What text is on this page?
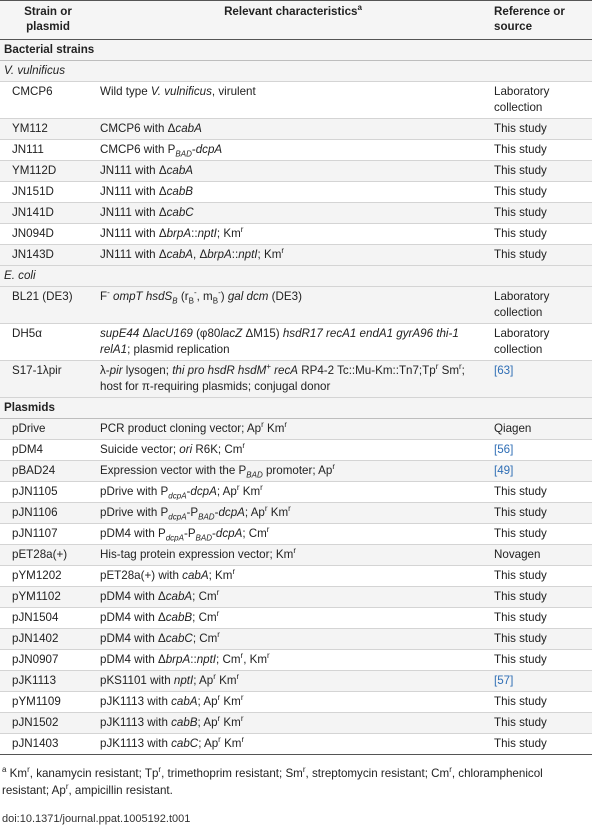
Strain or plasmid	Relevant characteristics$^a$	Reference or source
Bacterial strains		
V. vulnificus		
CMCP6	Wild type V. vulnificus, virulent	Laboratory collection
YM112	CMCP6 with ΔcabA	This study
JN111	CMCP6 with $P_{BAD}$-dcpA	This study
YM112D	JN111 with ΔcabA	This study
JN151D	JN111 with ΔcabB	This study
JN141D	JN111 with ΔcabC	This study
JN094D	JN111 with ΔbrpA::nptI; Km$^r$	This study
JN143D	JN111 with ΔcabA, ΔbrpA::nptI; Km$^r$	This study
E. coli		
BL21 (DE3)	F- ompT hsdS$_B$ ($r_B^-$, $m_B^-$) gal dcm (DE3)	Laboratory collection
DH5α	supE44 ΔlacU169 (φ80lacZ ΔM15) hsdR17 recA1 endA1 gyrA96 thi-1 relA1; plasmid replication	Laboratory collection
S17-1λpir	λ-pir lysogen; thi pro hsdR hsdM+ recA RP4-2 Tc::Mu-Km::Tn7;Tp$^r$ Sm$^r$; host for π-requiring plasmids; conjugal donor	[63]
Plasmids		
pDrive	PCR product cloning vector; Ap$^r$ Km$^r$	Qiagen
pDM4	Suicide vector; ori R6K; Cm$^r$	[56]
pBAD24	Expression vector with the $P_{BAD}$ promoter; Ap$^r$	[49]
pJN1105	pDrive with $P_{dcpA}$-dcpA; Ap$^r$ Km$^r$	This study
pJN1106	pDrive with $P_{dcpA}-P_{BAD}$-dcpA; Ap$^r$ Km$^r$	This study
pJN1107	pDM4 with $P_{dcpA}-P_{BAD}$-dcpA; Cm$^r$	This study
pET28a(+)	His-tag protein expression vector; Km$^r$	Novagen
pYM1202	pET28a(+) with cabA; Km$^r$	This study
pYM1102	pDM4 with ΔcabA; Cm$^r$	This study
pJN1504	pDM4 with ΔcabB; Cm$^r$	This study
pJN1402	pDM4 with ΔcabC; Cm$^r$	This study
pJN0907	pDM4 with ΔbrpA::nptI; Cm$^r$, Km$^r$	This study
pJK1113	pKS1101 with nptI; Ap$^r$ Km$^r$	[57]
pYM1109	pJK1113 with cabA; Ap$^r$ Km$^r$	This study
pJN1502	pJK1113 with cabB; Ap$^r$ Km$^r$	This study
pJN1403	pJK1113 with cabC; Ap$^r$ Km$^r$	This study
$^a$ Km$^r$, kanamycin resistant; Tp$^r$, trimethoprim resistant; Sm$^r$, streptomycin resistant; Cm$^r$, chloramphenicol resistant; Ap$^r$, ampicillin resistant.
doi:10.1371/journal.ppat.1005192.t001
